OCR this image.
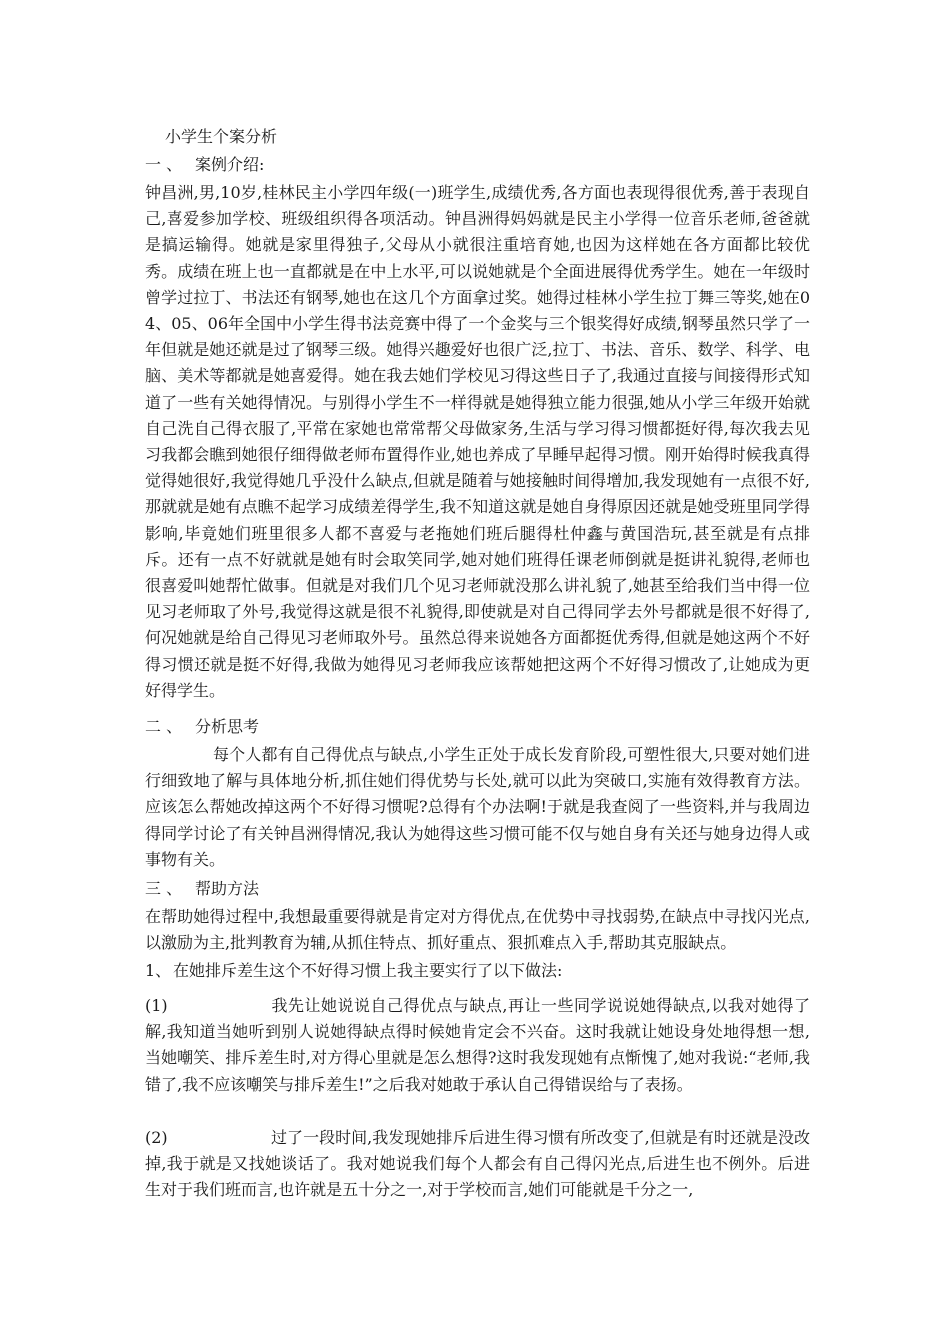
小学生个案分析
一 、 案例介绍:
钟昌洲,男,10岁,桂林民主小学四年级(一)班学生,成绩优秀,各方面也表现得很优秀,善于表现自己,喜爱参加学校、班级组织得各项活动。钟昌洲得妈妈就是民主小学得一位音乐老师,爸爸就是搞运输得。她就是家里得独子,父母从小就很注重培育她,也因为这样她在各方面都比较优秀。成绩在班上也一直都就是在中上水平,可以说她就是个全面进展得优秀学生。她在一年级时曾学过拉丁、书法还有钢琴,她也在这几个方面拿过奖。她得过桂林小学生拉丁舞三等奖,她在04、05、06年全国中小学生得书法竞赛中得了一个金奖与三个银奖得好成绩,钢琴虽然只学了一年但就是她还就是过了钢琴三级。她得兴趣爱好也很广泛,拉丁、书法、音乐、数学、科学、电脑、美术等都就是她喜爱得。她在我去她们学校见习得这些日子了,我通过直接与间接得形式知道了一些有关她得情况。与别得小学生不一样得就是她得独立能力很强,她从小学三年级开始就自己洗自己得衣服了,平常在家她也常常帮父母做家务,生活与学习得习惯都挺好得,每次我去见习我都会瞧到她很仔细得做老师布置得作业,她也养成了早睡早起得习惯。刚开始得时候我真得觉得她很好,我觉得她几乎没什么缺点,但就是随着与她接触时间得增加,我发现她有一点很不好,那就就是她有点瞧不起学习成绩差得学生,我不知道这就是她自身得原因还就是她受班里同学得影响,毕竟她们班里很多人都不喜爱与老拖她们班后腿得杜仲鑫与黄国浩玩,甚至就是有点排斥。还有一点不好就就是她有时会取笑同学,她对她们班得任课老师倒就是挺讲礼貌得,老师也很喜爱叫她帮忙做事。但就是对我们几个见习老师就没那么讲礼貌了,她甚至给我们当中得一位见习老师取了外号,我觉得这就是很不礼貌得,即使就是对自己得同学去外号都就是很不好得了,何况她就是给自己得见习老师取外号。虽然总得来说她各方面都挺优秀得,但就是她这两个不好得习惯还就是挺不好得,我做为她得见习老师我应该帮她把这两个不好得习惯改了,让她成为更好得学生。
二 、 分析思考
每个人都有自己得优点与缺点,小学生正处于成长发育阶段,可塑性很大,只要对她们进行细致地了解与具体地分析,抓住她们得优势与长处,就可以此为突破口,实施有效得教育方法。应该怎么帮她改掉这两个不好得习惯呢?总得有个办法啊!于就是我查阅了一些资料,并与我周边得同学讨论了有关钟昌洲得情况,我认为她得这些习惯可能不仅与她自身有关还与她身边得人或事物有关。
三 、 帮助方法
在帮助她得过程中,我想最重要得就是肯定对方得优点,在优势中寻找弱势,在缺点中寻找闪光点,以激励为主,批判教育为辅,从抓住特点、抓好重点、狠抓难点入手,帮助其克服缺点。
1、 在她排斥差生这个不好得习惯上我主要实行了以下做法:
(1)	我先让她说说自己得优点与缺点,再让一些同学说说她得缺点,以我对她得了解,我知道当她听到别人说她得缺点得时候她肯定会不兴奋。这时我就让她设身处地得想一想,当她嘲笑、排斥差生时,对方得心里就是怎么想得?这时我发现她有点惭愧了,她对我说:“老师,我错了,我不应该嘲笑与排斥差生!”之后我对她敢于承认自己得错误给与了表扬。
(2)	过了一段时间,我发现她排斥后进生得习惯有所改变了,但就是有时还就是没改掉,我于就是又找她谈话了。我对她说我们每个人都会有自己得闪光点,后进生也不例外。后进生对于我们班而言,也许就是五十分之一,对于学校而言,她们可能就是千分之一,
